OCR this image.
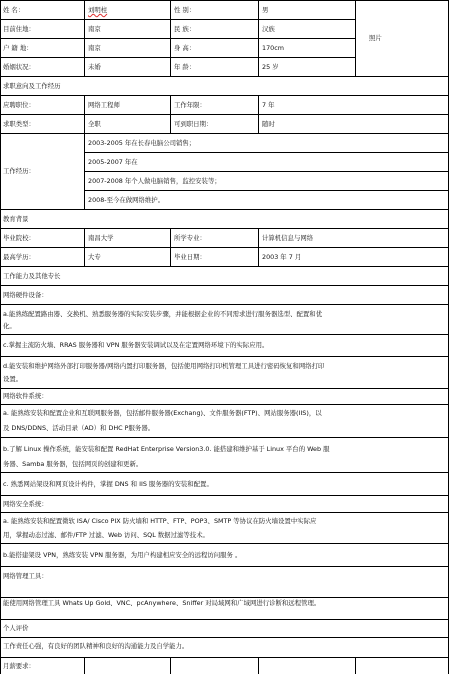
姓 名：	刘明柱	性 别：	男
照片
目前住地：	南京	民 族：	汉族
户 籍 地：	南京	身 高：	170cm
婚姻状况：	未婚	年 龄：	25 岁
求职意向及工作经历
应聘职位：	网络工程师	工作年限：	7 年
求职类型：	全职	可到职日期：	随时
工作经历：
2003-2005 年在长春电脑公司销售；
2005-2007 年在
2007-2008 年个人做电脑销售，监控安装等；
2008-至今在做网络维护。
教育背景
毕业院校：	南昌大学	所学专业：	计算机信息与网络
最高学历：	大专	毕业日期：	2003 年 7 月
工作能力及其他专长
网络硬件设备：
a.能熟练配置路由器、交换机、熟悉服务器的实际安装步骤，并能根据企业的不同需求进行服务器选型、配置和优
化。
c.掌握主流防火墙、RRAS 服务器和 VPN 服务器安装调试以及在定置网络环境下的实际应用。
d.能安装和维护网络外部打印服务器/网络内置打印服务器，包括使用网络打印机管理工具进行密码恢复和网络打印
设置。
网络软件系统：
a. 能熟练安装和配置企业和互联网服务器，包括邮件服务器(Exchang)、文件服务器(FTP)、网站服务器(IIS)，以
及 DNS/DDNS、活动目录（AD）和 DHC P服务器。
b.了解 Linux 操作系统，能安装和配置 RedHat Enterprise Version3.0. 能搭建和维护基于 Linux 平台的 Web 服
务器、Samba 服务器，包括网页的创建和更新。
c. 熟悉网站架设和网页设计构件，掌握 DNS 和 IIS 服务器的安装和配置。
网络安全系统：
a. 能熟练安装和配置微软 ISA/ Cisco PIX 防火墙和 HTTP、FTP、POP3、SMTP 等协议在防火墙设置中实际应
用，掌握动态过滤、邮件/FTP 过滤、Web 访问、SQL 数据过滤等技术。
b.能搭建架设 VPN，熟练安装 VPN 服务器，为用户构建相应安全的远程访问服务 。
网络管理工具：
能使用网络管理工具 Whats Up Gold、VNC、pcAnywhere、Sniffer 对局域网和广域网进行诊断和远程管理。
个人评价
工作责任心强，有良好的团队精神和良好的沟通能力及自学能力。
月薪要求：
